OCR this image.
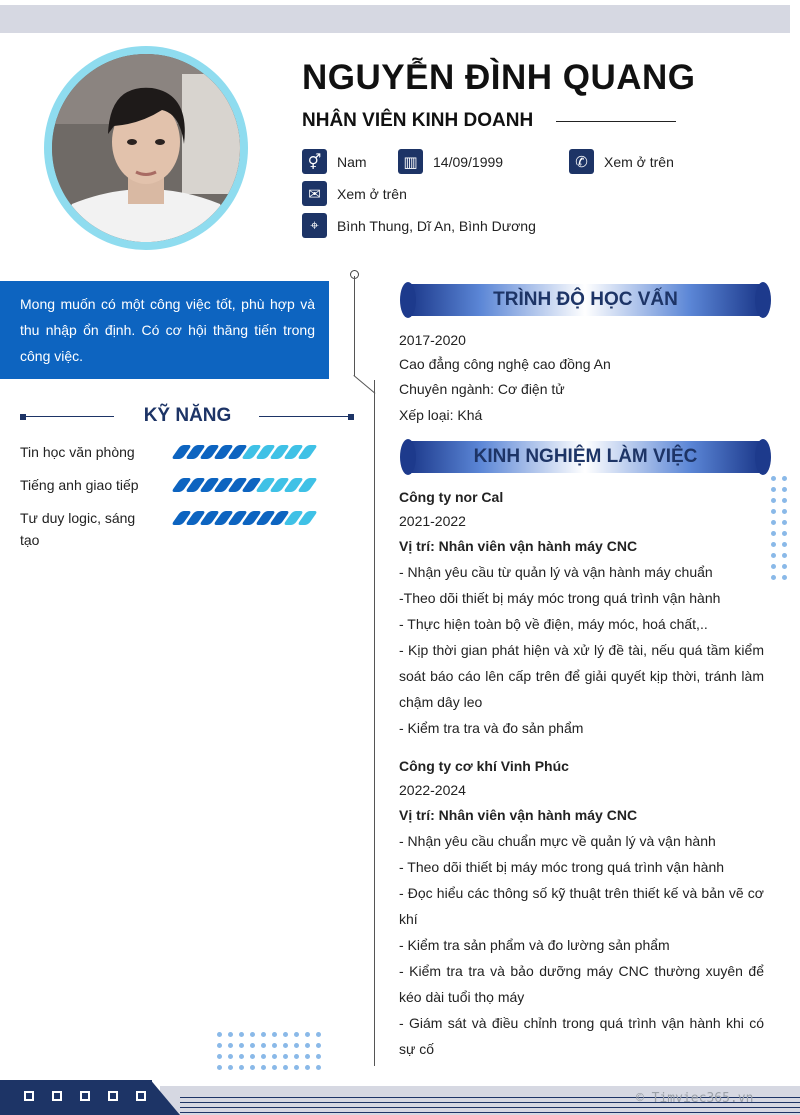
NGUYỄN ĐÌNH QUANG
NHÂN VIÊN KINH DOANH
⚥	Nam	▥	14/09/1999	✆	Xem ở trên
✉	Xem ở trên
⌖	Bình Thung, Dĩ An, Bình Dương
Mong muốn có một công việc tốt, phù hợp và thu nhập ổn định. Có cơ hội thăng tiến trong công việc.
KỸ NĂNG
Tin học văn phòng
Tiếng anh giao tiếp
Tư duy logic, sáng tạo
TRÌNH ĐỘ HỌC VẤN
2017-2020
Cao đẳng công nghệ cao đồng An
Chuyên ngành: Cơ điện tử
Xếp loại: Khá
KINH NGHIỆM LÀM VIỆC
Công ty nor Cal
2021-2022
Vị trí: Nhân viên vận hành máy CNC
- Nhận yêu cầu từ quản lý và vận hành máy chuẩn
-Theo dõi thiết bị máy móc trong quá trình vận hành
- Thực hiện toàn bộ về điện, máy móc, hoá chất,..
- Kịp thời gian phát hiện và xử lý đề tài, nếu quá tầm kiểm soát báo cáo lên cấp trên để giải quyết kịp thời, tránh làm chậm dây leo
- Kiểm tra tra và đo sản phẩm
Công ty cơ khí Vinh Phúc
2022-2024
Vị trí: Nhân viên vận hành máy CNC
- Nhận yêu cầu chuẩn mực về quản lý và vận hành
- Theo dõi thiết bị máy móc trong quá trình vận hành
- Đọc hiểu các thông số kỹ thuật trên thiết kế và bản vẽ cơ khí
- Kiểm tra sản phẩm và đo lường sản phẩm
- Kiểm tra tra và bảo dưỡng máy CNC thường xuyên để kéo dài tuổi thọ máy
- Giám sát và điều chỉnh trong quá trình vận hành khi có sự cố
© Timviec365.vn
